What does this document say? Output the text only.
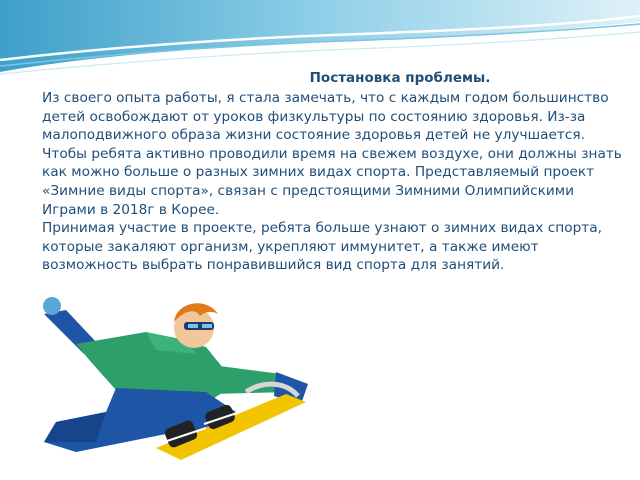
Постановка проблемы.

Из своего опыта работы, я стала замечать, что с каждым годом большинство детей освобождают от уроков физкультуры по состоянию здоровья. Из-за малоподвижного образа жизни состояние здоровья детей не улучшается. Чтобы ребята активно проводили время на свежем воздухе, они должны знать как можно больше о разных зимних видах спорта. Представляемый проект «Зимние виды спорта», связан с предстоящими Зимними Олимпийскими Играми в 2018г в Корее.

Принимая участие в проекте, ребята больше узнают о зимних видах спорта, которые закаляют организм, укрепляют иммунитет, а также имеют возможность выбрать понравившийся вид спорта для занятий.
